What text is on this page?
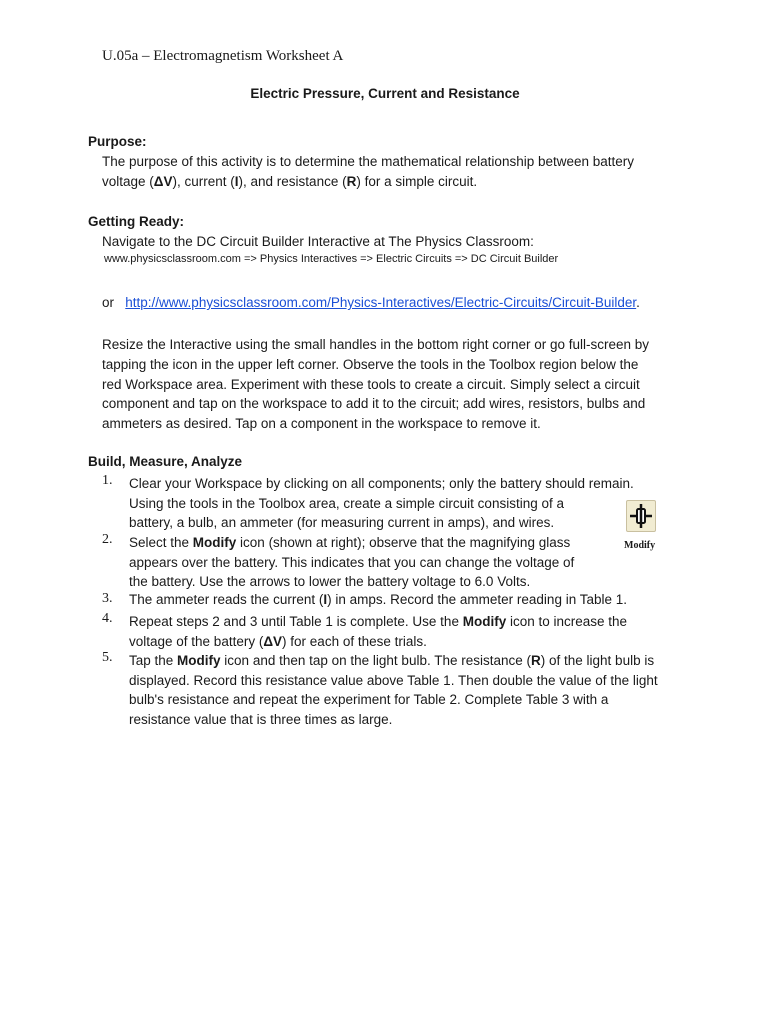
U.05a – Electromagnetism Worksheet A
Electric Pressure, Current and Resistance
Purpose:
The purpose of this activity is to determine the mathematical relationship between battery
voltage (ΔV), current (I), and resistance (R) for a simple circuit.
Getting Ready:
Navigate to the DC Circuit Builder Interactive at The Physics Classroom:
www.physicsclassroom.com => Physics Interactives => Electric Circuits => DC Circuit Builder
or http://www.physicsclassroom.com/Physics-Interactives/Electric-Circuits/Circuit-Builder.
Resize the Interactive using the small handles in the bottom right corner or go full-screen by
tapping the icon in the upper left corner. Observe the tools in the Toolbox region below the
red Workspace area. Experiment with these tools to create a circuit. Simply select a circuit
component and tap on the workspace to add it to the circuit; add wires, resistors, bulbs and
ammeters as desired. Tap on a component in the workspace to remove it.
Build, Measure, Analyze
1.
2.
3.
4.
5.
Clear your Workspace by clicking on all components; only the battery should remain.
Using the tools in the Toolbox area, create a simple circuit consisting of a
battery, a bulb, an ammeter (for measuring current in amps), and wires.
Select the Modify icon (shown at right); observe that the magnifying glass
appears over the battery. This indicates that you can change the voltage of
the battery. Use the arrows to lower the battery voltage to 6.0 Volts.
The ammeter reads the current (I) in amps. Record the ammeter reading in Table 1.
Repeat steps 2 and 3 until Table 1 is complete. Use the Modify icon to increase the
voltage of the battery (ΔV) for each of these trials.
Tap the Modify icon and then tap on the light bulb. The resistance (R) of the light bulb is
displayed. Record this resistance value above Table 1. Then double the value of the light
bulb's resistance and repeat the experiment for Table 2. Complete Table 3 with a
resistance value that is three times as large.
Modify
